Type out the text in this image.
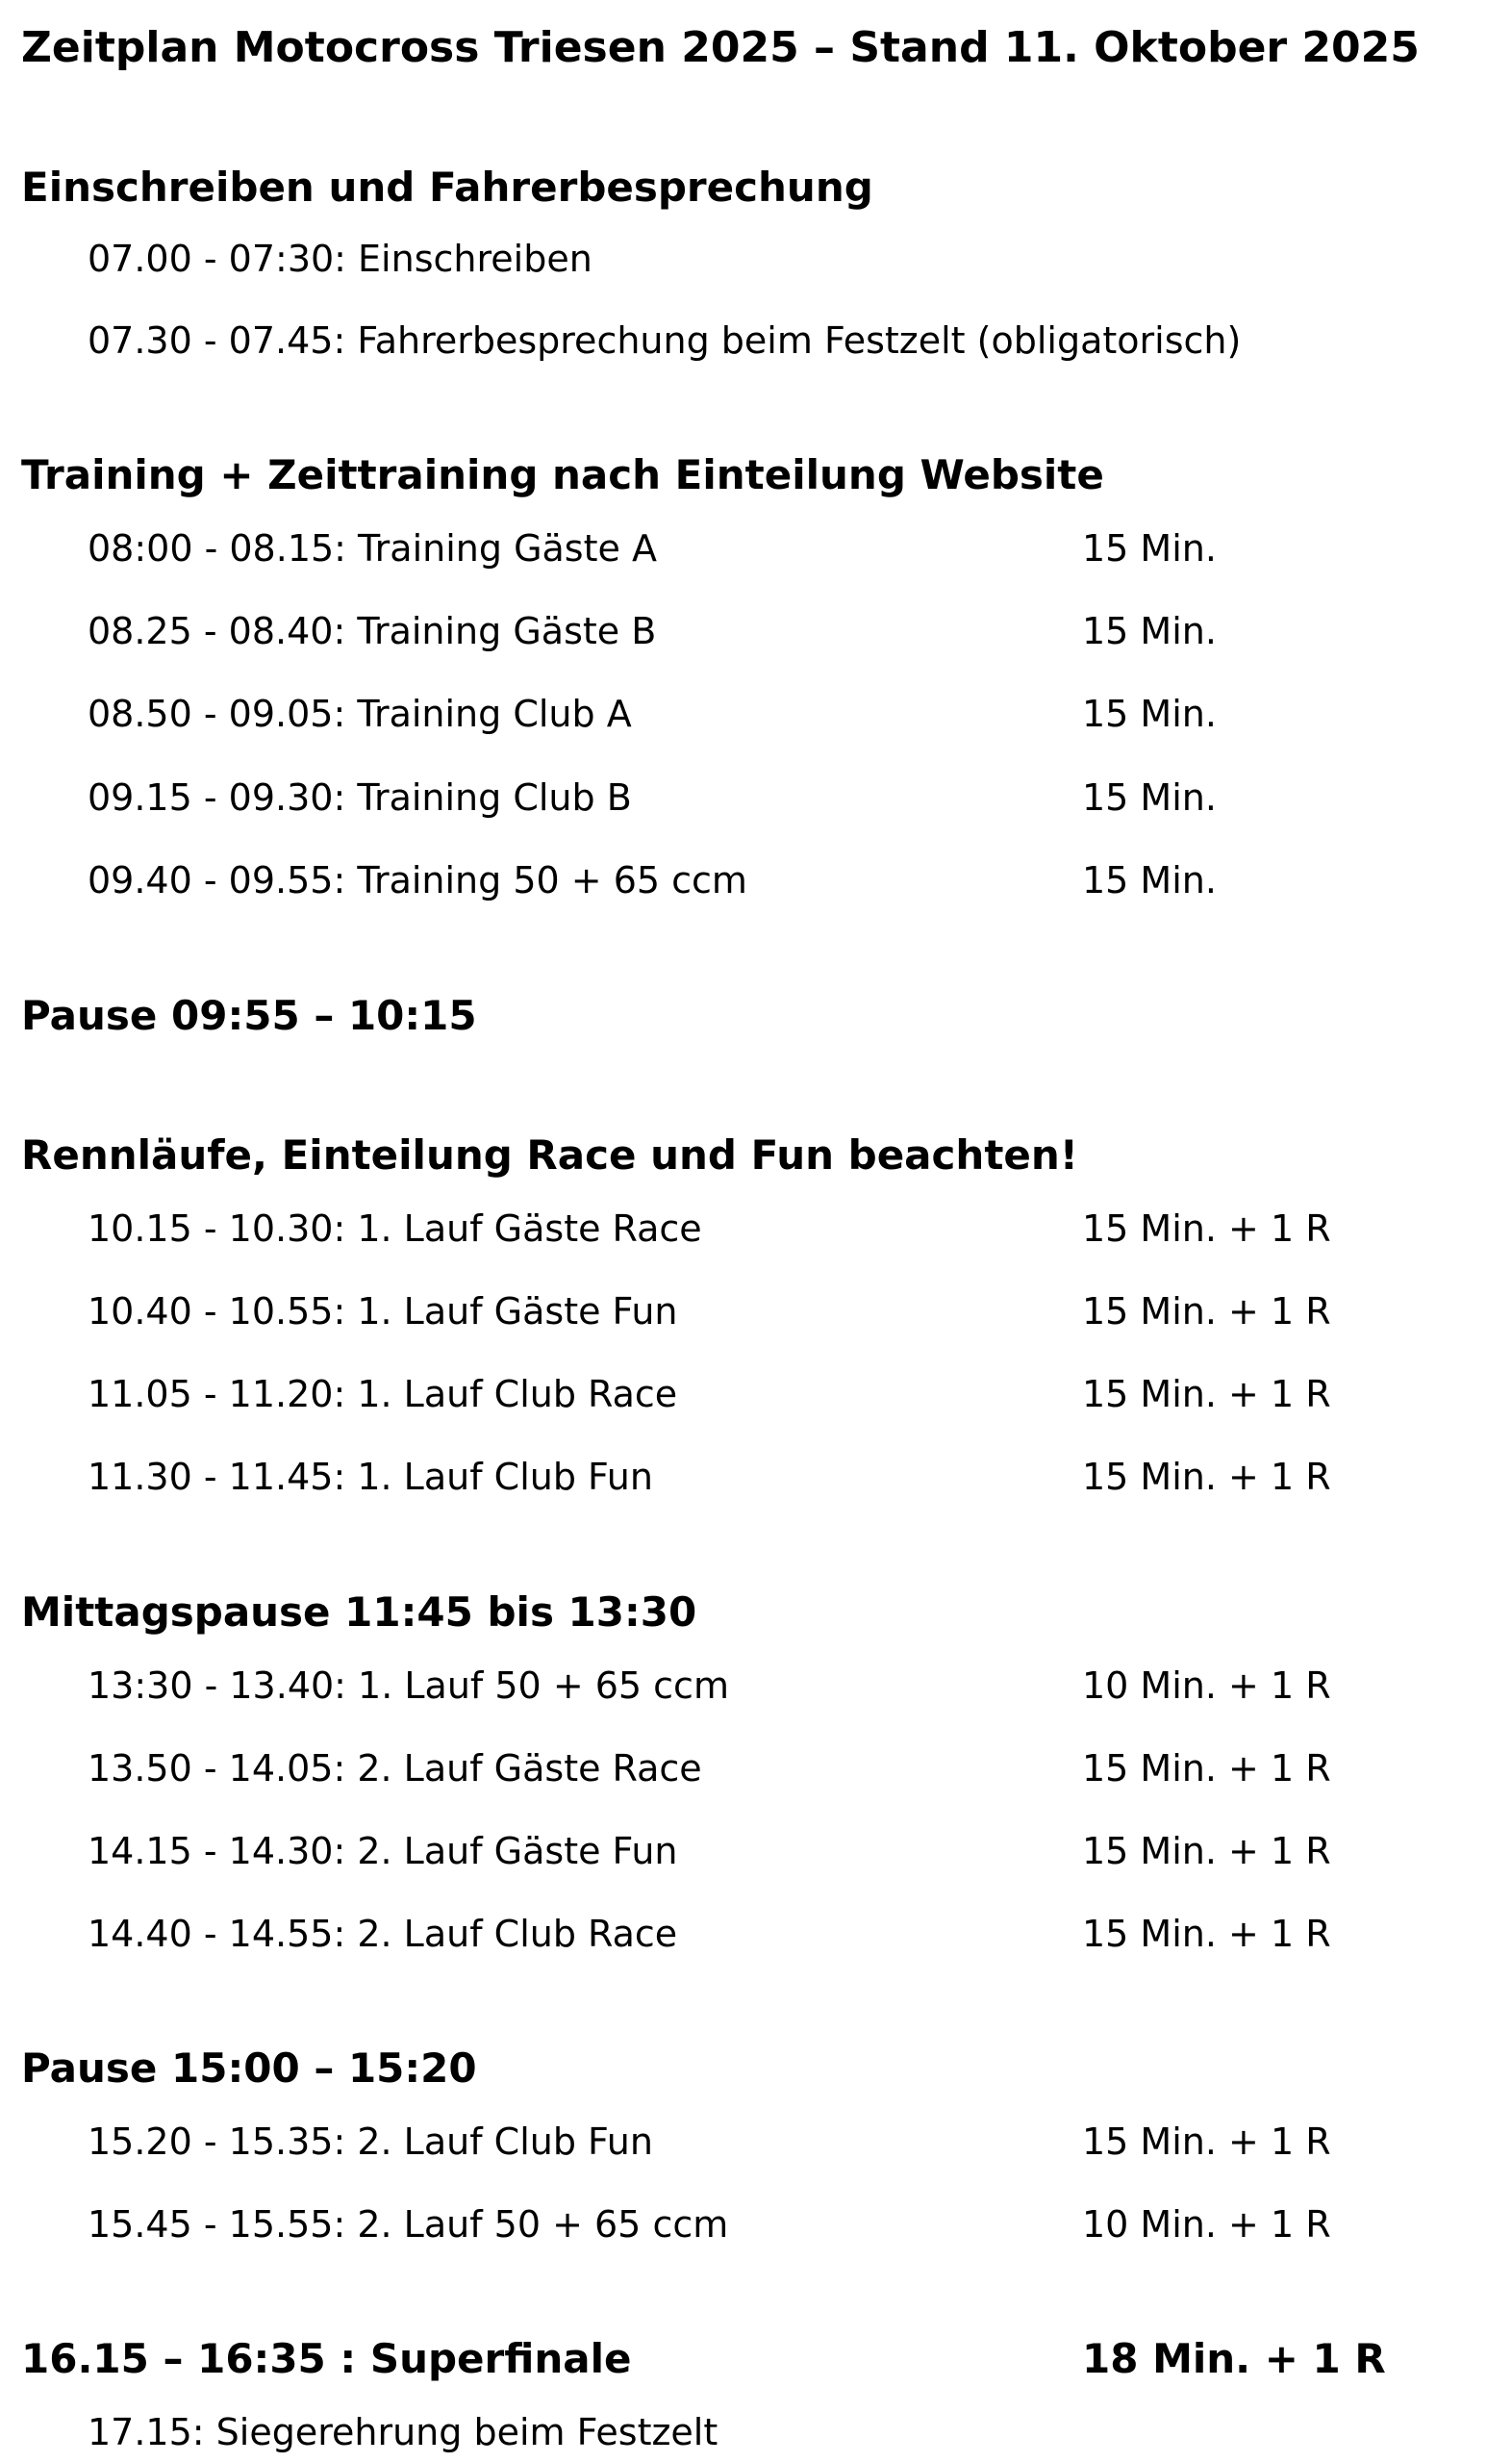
Zeitplan Motocross Triesen 2025 – Stand 11. Oktober 2025
Einschreiben und Fahrerbesprechung
07.00 - 07:30: Einschreiben
07.30 - 07.45: Fahrerbesprechung beim Festzelt (obligatorisch)
Training + Zeittraining nach Einteilung Website
08:00 - 08.15: Training Gäste A	15 Min.
08.25 - 08.40: Training Gäste B	15 Min.
08.50 - 09.05: Training Club A	15 Min.
09.15 - 09.30: Training Club B	15 Min.
09.40 - 09.55: Training 50 + 65 ccm	15 Min.
Pause 09:55 – 10:15
Rennläufe, Einteilung Race und Fun beachten!
10.15 - 10.30: 1. Lauf Gäste Race	15 Min. + 1 R
10.40 - 10.55: 1. Lauf Gäste Fun	15 Min. + 1 R
11.05 - 11.20: 1. Lauf Club Race	15 Min. + 1 R
11.30 - 11.45: 1. Lauf Club Fun	15 Min. + 1 R
Mittagspause 11:45 bis 13:30
13:30 - 13.40: 1. Lauf 50 + 65 ccm	10 Min. + 1 R
13.50 - 14.05: 2. Lauf Gäste Race	15 Min. + 1 R
14.15 - 14.30: 2. Lauf Gäste Fun	15 Min. + 1 R
14.40 - 14.55: 2. Lauf Club Race	15 Min. + 1 R
Pause 15:00 – 15:20
15.20 - 15.35: 2. Lauf Club Fun	15 Min. + 1 R
15.45 - 15.55: 2. Lauf 50 + 65 ccm	10 Min. + 1 R
16.15 – 16:35 : Superfinale	18 Min. + 1 R
17.15: Siegerehrung beim Festzelt
